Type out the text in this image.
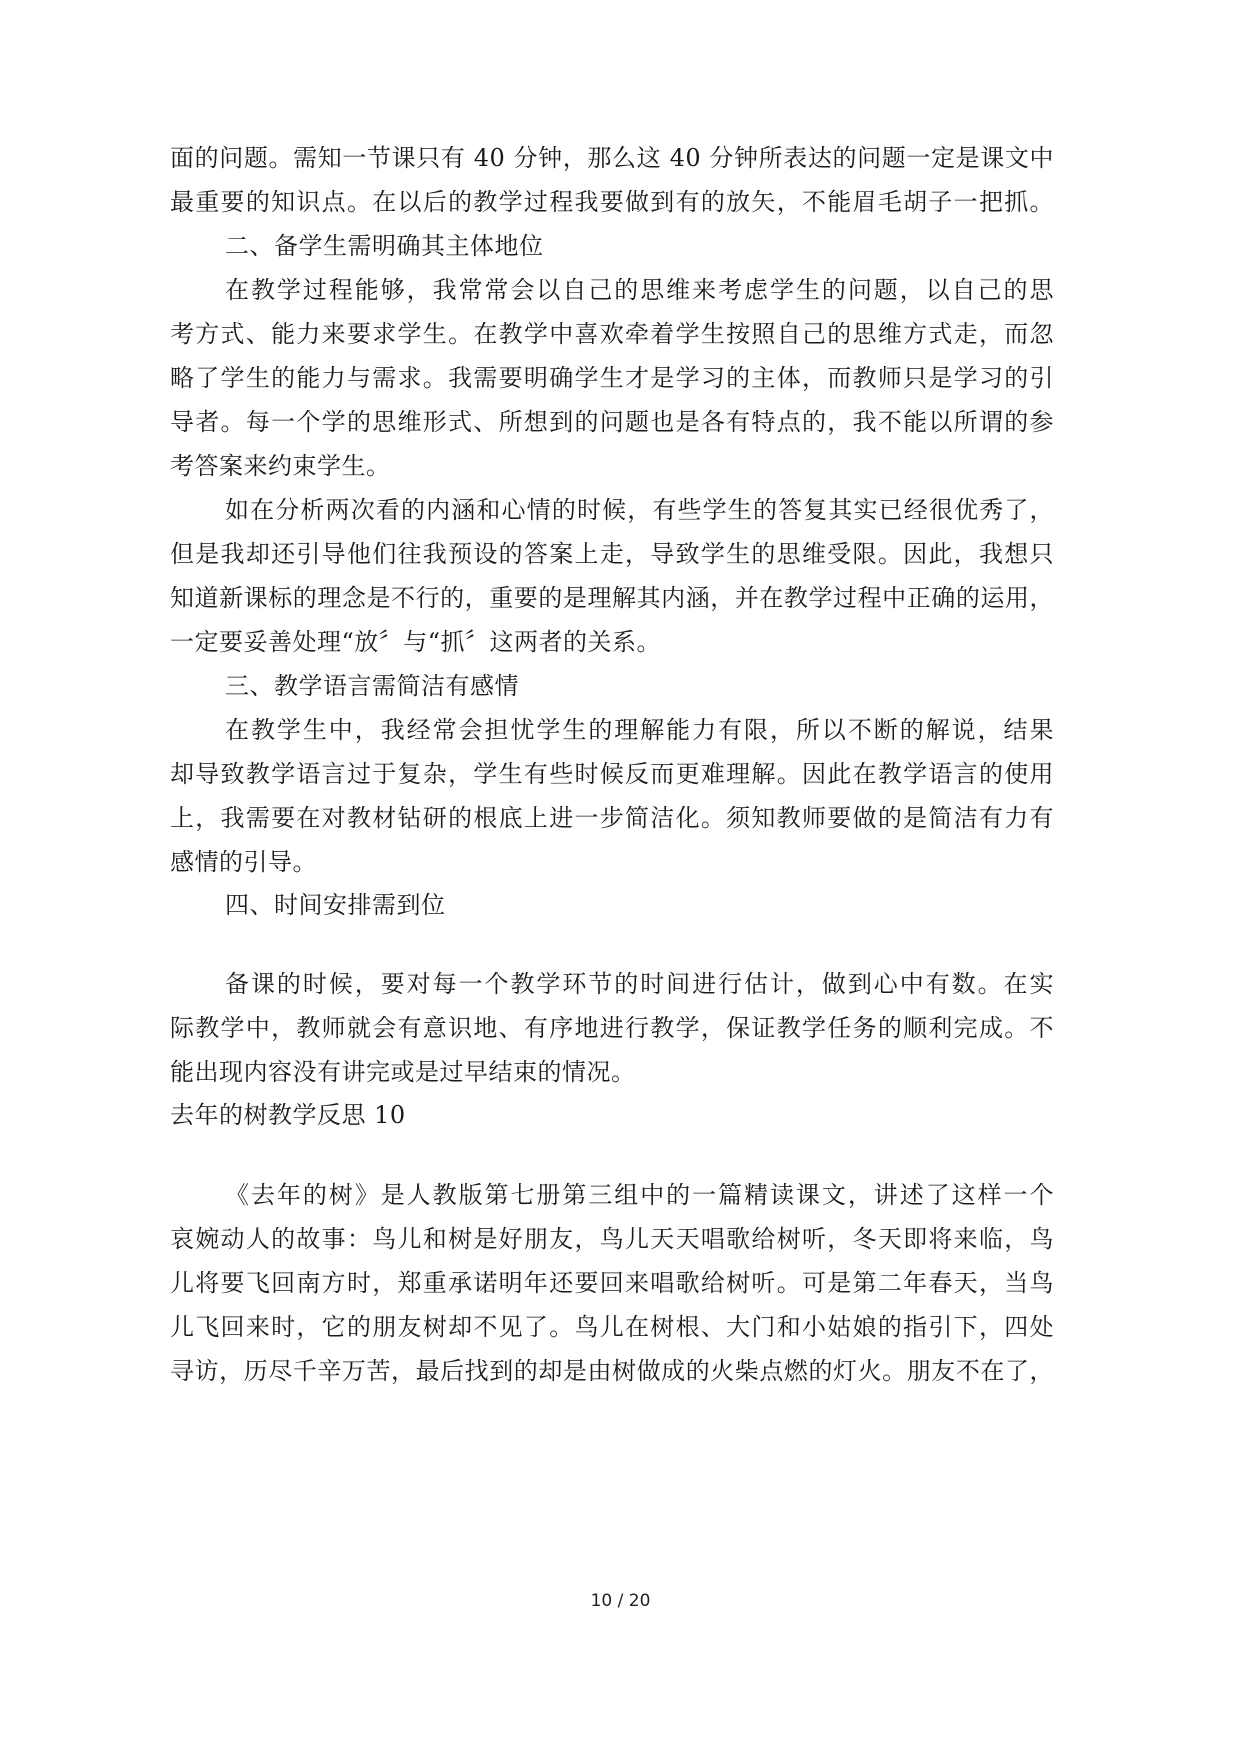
面的问题。需知一节课只有 40 分钟，那么这 40 分钟所表达的问题一定是课文中
最重要的知识点。在以后的教学过程我要做到有的放矢，不能眉毛胡子一把抓。
二、备学生需明确其主体地位
在教学过程能够，我常常会以自己的思维来考虑学生的问题，以自己的思
考方式、能力来要求学生。在教学中喜欢牵着学生按照自己的思维方式走，而忽
略了学生的能力与需求。我需要明确学生才是学习的主体，而教师只是学习的引
导者。每一个学的思维形式、所想到的问题也是各有特点的，我不能以所谓的参
考答案来约束学生。
如在分析两次看的内涵和心情的时候，有些学生的答复其实已经很优秀了，
但是我却还引导他们往我预设的答案上走，导致学生的思维受限。因此，我想只
知道新课标的理念是不行的，重要的是理解其内涵，并在教学过程中正确的运用，
一定要妥善处理“放〞与“抓〞这两者的关系。
三、教学语言需简洁有感情
在教学生中，我经常会担忧学生的理解能力有限，所以不断的解说，结果
却导致教学语言过于复杂，学生有些时候反而更难理解。因此在教学语言的使用
上，我需要在对教材钻研的根底上进一步简洁化。须知教师要做的是简洁有力有
感情的引导。
四、时间安排需到位
备课的时候，要对每一个教学环节的时间进行估计，做到心中有数。在实
际教学中，教师就会有意识地、有序地进行教学，保证教学任务的顺利完成。不
能出现内容没有讲完或是过早结束的情况。
去年的树教学反思 10
《去年的树》是人教版第七册第三组中的一篇精读课文，讲述了这样一个
哀婉动人的故事：鸟儿和树是好朋友，鸟儿天天唱歌给树听，冬天即将来临，鸟
儿将要飞回南方时，郑重承诺明年还要回来唱歌给树听。可是第二年春天，当鸟
儿飞回来时，它的朋友树却不见了。鸟儿在树根、大门和小姑娘的指引下，四处
寻访，历尽千辛万苦，最后找到的却是由树做成的火柴点燃的灯火。朋友不在了，
10 / 20
